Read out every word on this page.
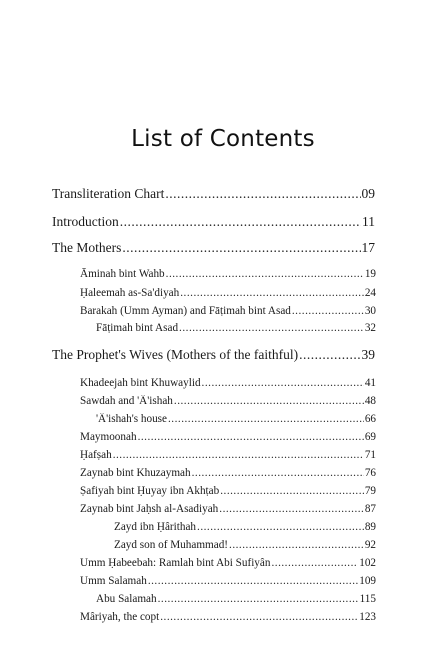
List of Contents
Transliteration Chart .....	09
Introduction .....	11
The Mothers .....	17
Āminah bint Wahb .....	19
Ḥaleemah as-Sa'diyah .....	24
Barakah (Umm Ayman) and Fāṭimah bint Asad .....	30
Fāṭimah bint Asad .....	32
The Prophet's Wives (Mothers of the faithful) .....	39
Khadeejah bint Khuwaylid .....	41
Sawdah and 'Â'ishah .....	48
'Â'ishah's house .....	66
Maymoonah .....	69
Ḥafṣah .....	71
Zaynab bint Khuzaymah .....	76
Ṣafiyah bint Ḥuyay ibn Akhṭab .....	79
Zaynab bint Jaḥsh al-Asadiyah .....	87
Zayd ibn Ḥârithah .....	89
Zayd son of Muhammad! .....	92
Umm Ḥabeebah: Ramlah bint Abi Sufiyân .....	102
Umm Salamah .....	109
Abu Salamah .....	115
Mâriyah, the copt .....	123
